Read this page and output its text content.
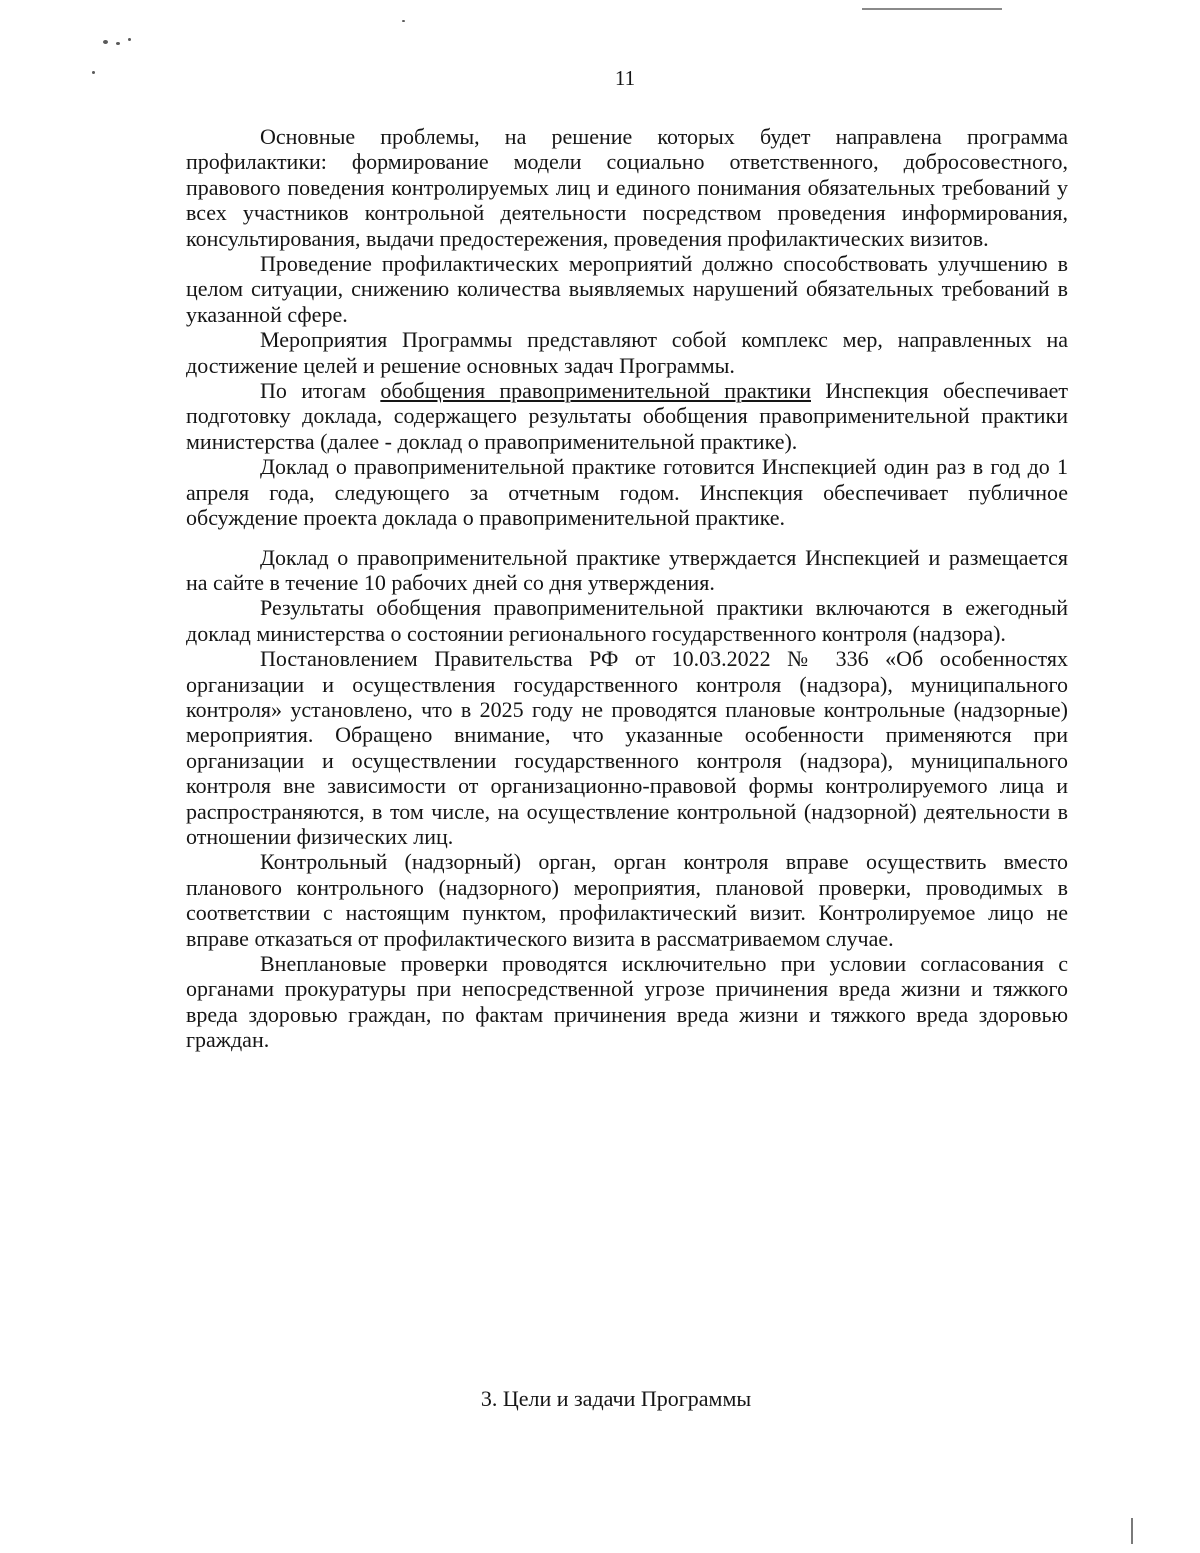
11

Основные проблемы, на решение которых будет направлена программа профилактики: формирование модели социально ответственного, добросовестного, правового поведения контролируемых лиц и единого понимания обязательных требований у всех участников контрольной деятельности посредством проведения информирования, консультирования, выдачи предостережения, проведения профилактических визитов.

Проведение профилактических мероприятий должно способствовать улучшению в целом ситуации, снижению количества выявляемых нарушений обязательных требований в указанной сфере.

Мероприятия Программы представляют собой комплекс мер, направленных на достижение целей и решение основных задач Программы.

По итогам обобщения правоприменительной практики Инспекция обеспечивает подготовку доклада, содержащего результаты обобщения правоприменительной практики министерства (далее - доклад о правоприменительной практике).

Доклад о правоприменительной практике готовится Инспекцией один раз в год до 1 апреля года, следующего за отчетным годом. Инспекция обеспечивает публичное обсуждение проекта доклада о правоприменительной практике.

Доклад о правоприменительной практике утверждается Инспекцией и размещается на сайте в течение 10 рабочих дней со дня утверждения.

Результаты обобщения правоприменительной практики включаются в ежегодный доклад министерства о состоянии регионального государственного контроля (надзора).

Постановлением Правительства РФ от 10.03.2022 № 336 «Об особенностях организации и осуществления государственного контроля (надзора), муниципального контроля» установлено, что в 2025 году не проводятся плановые контрольные (надзорные) мероприятия. Обращено внимание, что указанные особенности применяются при организации и осуществлении государственного контроля (надзора), муниципального контроля вне зависимости от организационно-правовой формы контролируемого лица и распространяются, в том числе, на осуществление контрольной (надзорной) деятельности в отношении физических лиц.

Контрольный (надзорный) орган, орган контроля вправе осуществить вместо планового контрольного (надзорного) мероприятия, плановой проверки, проводимых в соответствии с настоящим пунктом, профилактический визит. Контролируемое лицо не вправе отказаться от профилактического визита в рассматриваемом случае.

Внеплановые проверки проводятся исключительно при условии согласования с органами прокуратуры при непосредственной угрозе причинения вреда жизни и тяжкого вреда здоровью граждан, по фактам причинения вреда жизни и тяжкого вреда здоровью граждан.

3. Цели и задачи Программы
